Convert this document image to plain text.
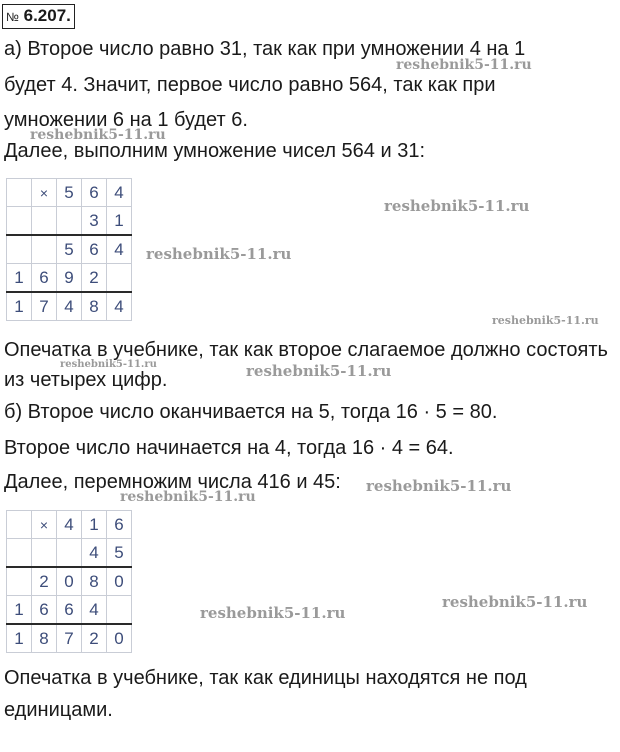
№ 6.207.
а) Второе число равно 31, так как при умножении 4 на 1
будет 4. Значит, первое число равно 564, так как при
умножении 6 на 1 будет 6.
Далее, выполним умножение чисел 564 и 31:
	×	5	6	4
			3	1
		5	6	4
1	6	9	2	
1	7	4	8	4
Опечатка в учебнике, так как второе слагаемое должно состоять
из четырех цифр.
б) Второе число оканчивается на 5, тогда 16 · 5 = 80.
Второе число начинается на 4, тогда 16 · 4 = 64.
Далее, перемножим числа 416 и 45:
	×	4	1	6
			4	5
	2	0	8	0
1	6	6	4	
1	8	7	2	0
Опечатка в учебнике, так как единицы находятся не под
единицами.
reshebnik5-11.ru
reshebnik5-11.ru
reshebnik5-11.ru
reshebnik5-11.ru
reshebnik5-11.ru
reshebnik5-11.ru	reshebnik5-11.ru
reshebnik5-11.ru
reshebnik5-11.ru
reshebnik5-11.ru
reshebnik5-11.ru
